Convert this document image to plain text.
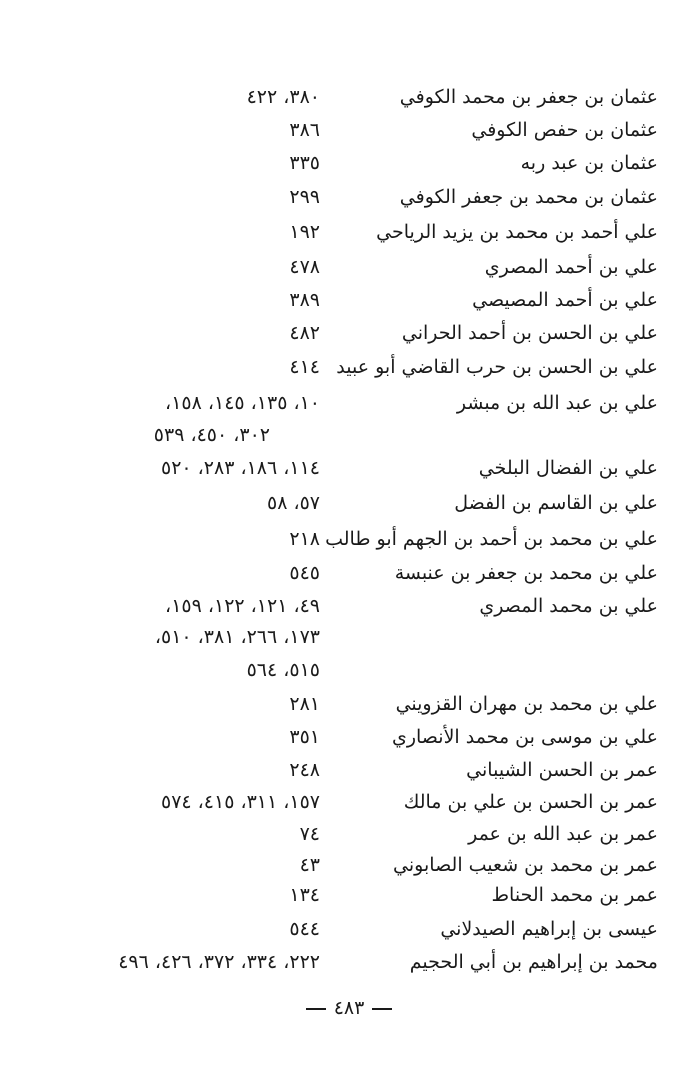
عثمان بن جعفر بن محمد الكوفي
٣٨٠، ٤٢٢
عثمان بن حفص الكوفي
٣٨٦
عثمان بن عبد ربه
٣٣٥
عثمان بن محمد بن جعفر الكوفي
٢٩٩
علي أحمد بن محمد بن يزيد الرياحي
١٩٢
علي بن أحمد المصري
٤٧٨
علي بن أحمد المصيصي
٣٨٩
علي بن الحسن بن أحمد الحراني
٤٨٢
علي بن الحسن بن حرب القاضي أبو عبيد
٤١٤
علي بن عبد الله بن مبشر
١٠، ١٣٥، ١٤٥، ١٥٨،
٣٠٢، ٤٥٠، ٥٣٩
علي بن الفضال البلخي
١١٤، ١٨٦، ٢٨٣، ٥٢٠
علي بن القاسم بن الفضل
٥٧، ٥٨
علي بن محمد بن أحمد بن الجهم أبو طالب
٢١٨
علي بن محمد بن جعفر بن عنبسة
٥٤٥
علي بن محمد المصري
٤٩، ١٢١، ١٢٢، ١٥٩،
١٧٣، ٢٦٦، ٣٨١، ٥١٠،
٥١٥، ٥٦٤
علي بن محمد بن مهران القزويني
٢٨١
علي بن موسى بن محمد الأنصاري
٣٥١
عمر بن الحسن الشيباني
٢٤٨
عمر بن الحسن بن علي بن مالك
١٥٧، ٣١١، ٤١٥، ٥٧٤
عمر بن عبد الله بن عمر
٧٤
عمر بن محمد بن شعيب الصابوني
٤٣
عمر بن محمد الحناط
١٣٤
عيسى بن إبراهيم الصيدلاني
٥٤٤
محمد بن إبراهيم بن أبي الحجيم
٢٢٢، ٣٣٤، ٣٧٢، ٤٢٦، ٤٩٦
٤٨٣
